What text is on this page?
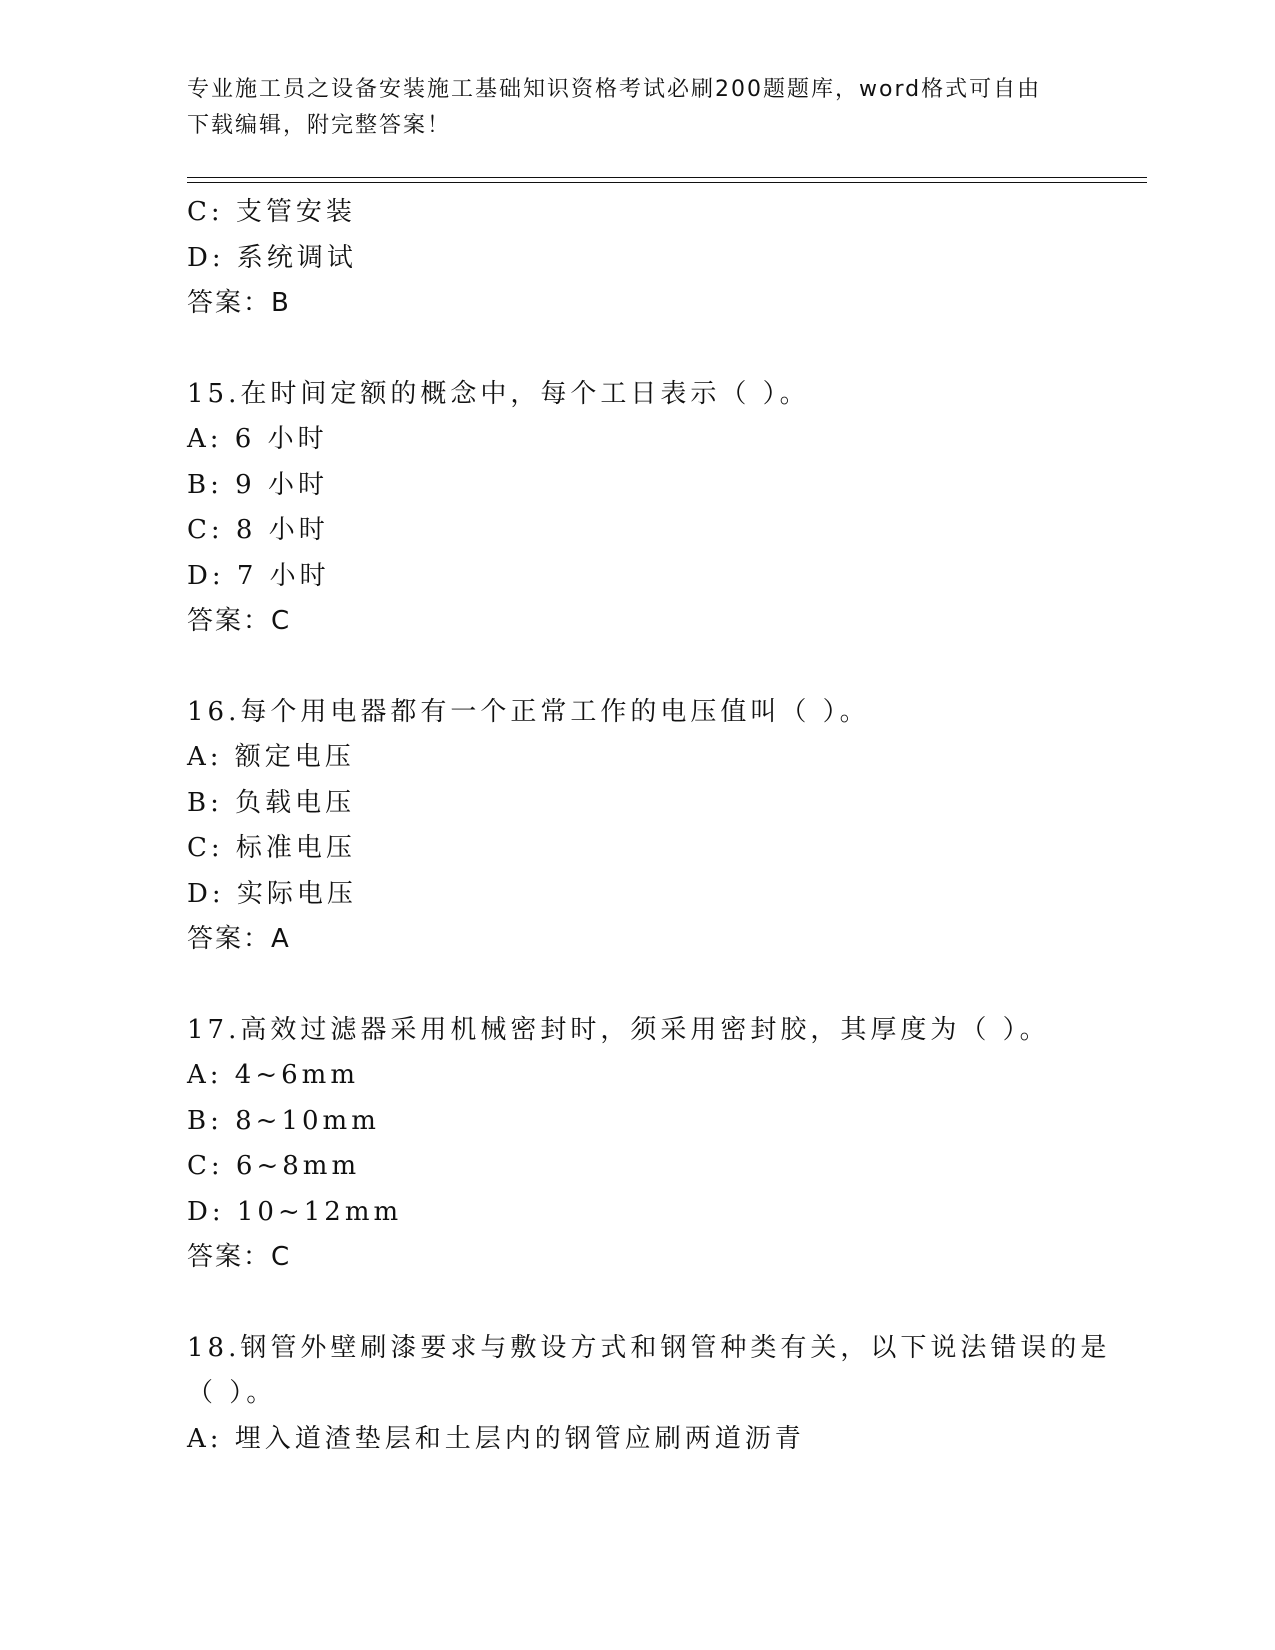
专业施工员之设备安装施工基础知识资格考试必刷200题题库，word格式可自由
下载编辑，附完整答案！
C: 支管安装
D: 系统调试
答案：B
15.在时间定额的概念中，每个工日表示（ ）。
A: 6 小时
B: 9 小时
C: 8 小时
D: 7 小时
答案：C
16.每个用电器都有一个正常工作的电压值叫（ ）。
A: 额定电压
B: 负载电压
C: 标准电压
D: 实际电压
答案：A
17.高效过滤器采用机械密封时，须采用密封胶，其厚度为（ ）。
A: 4~6mm
B: 8~10mm
C: 6~8mm
D: 10~12mm
答案：C
18.钢管外壁刷漆要求与敷设方式和钢管种类有关，以下说法错误的是
（ ）。
A: 埋入道渣垫层和土层内的钢管应刷两道沥青
